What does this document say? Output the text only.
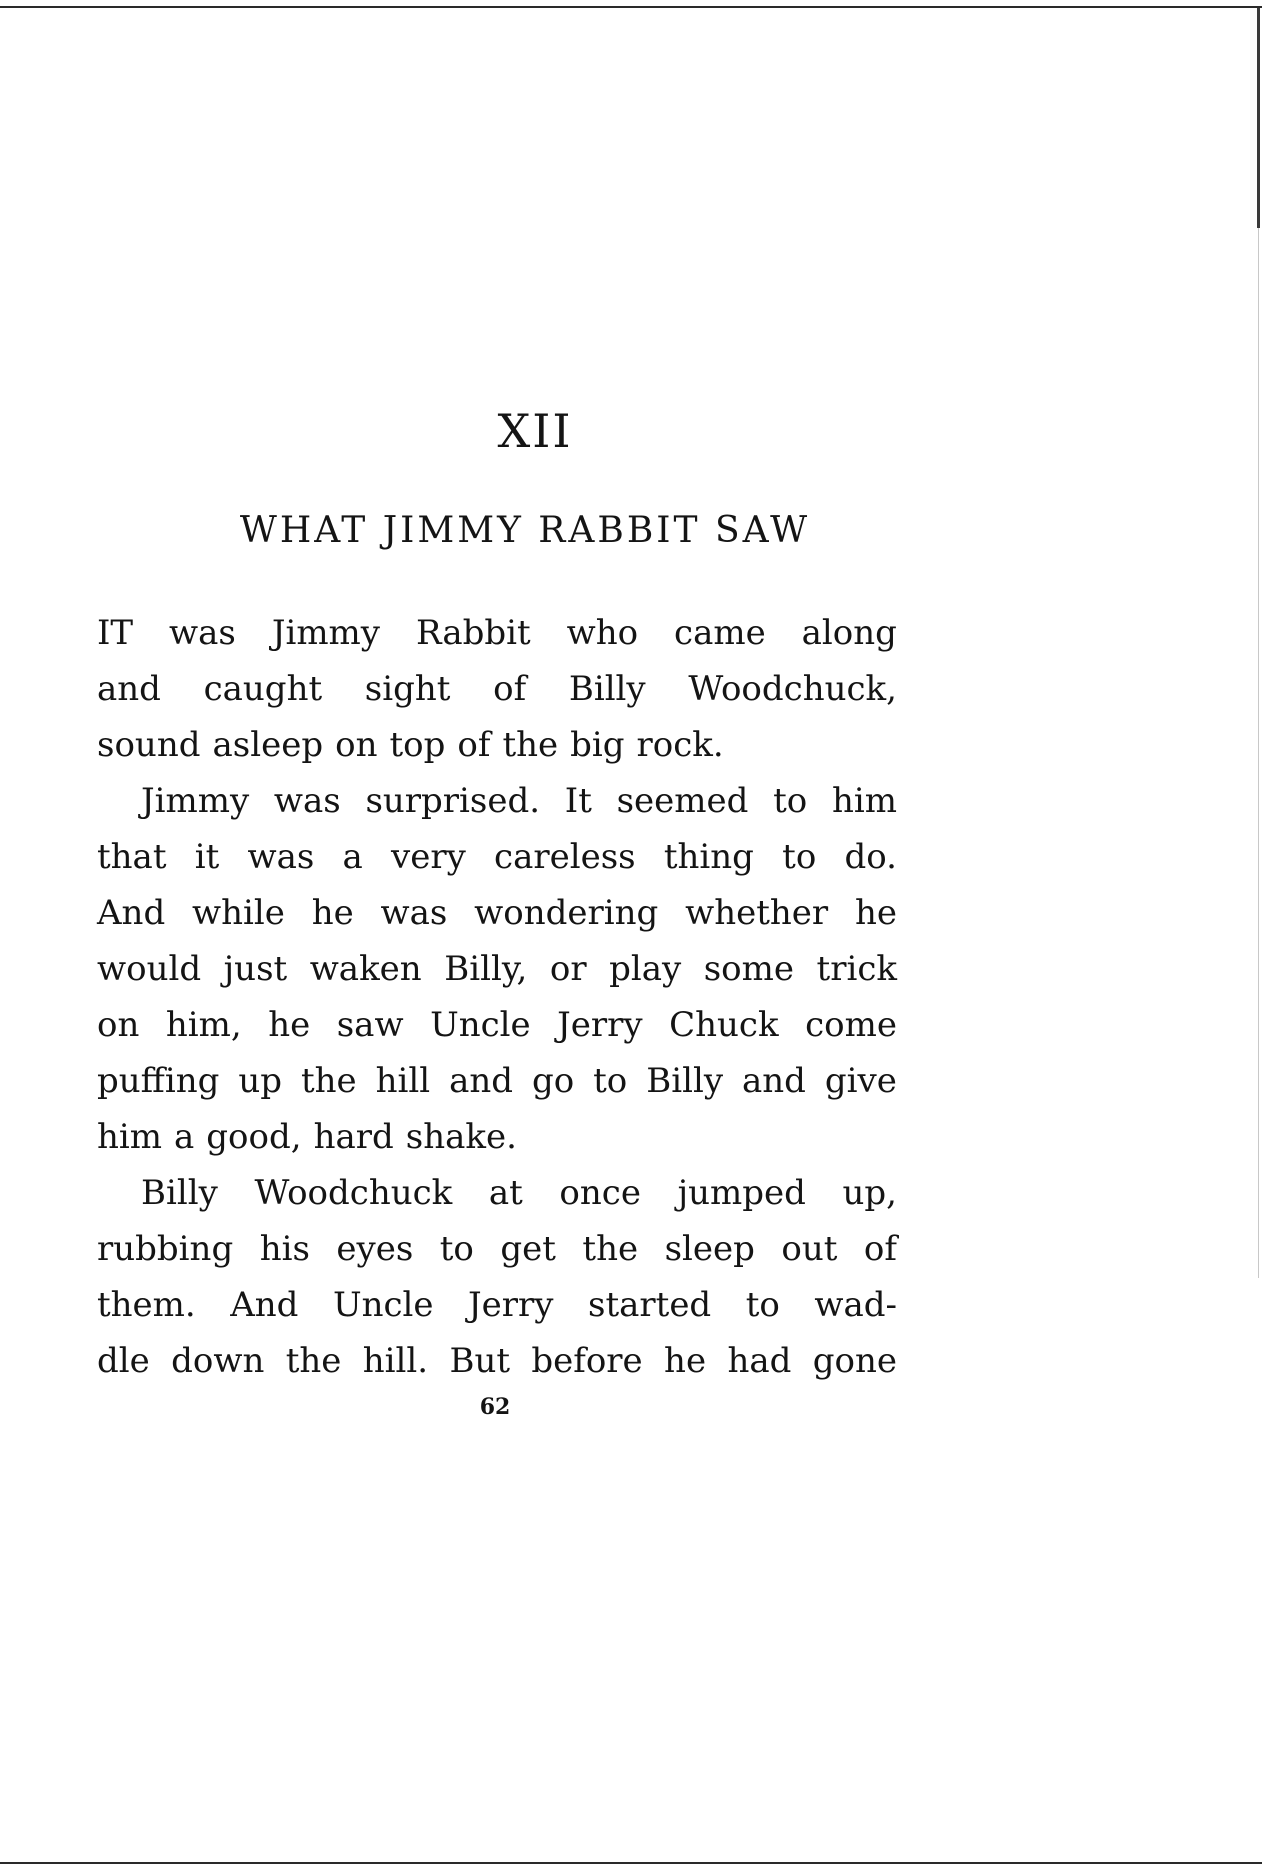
XII
WHAT JIMMY RABBIT SAW
IT was Jimmy Rabbit who came along
and caught sight of Billy Woodchuck,
sound asleep on top of the big rock.
Jimmy was surprised. It seemed to him
that it was a very careless thing to do.
And while he was wondering whether he
would just waken Billy, or play some trick
on him, he saw Uncle Jerry Chuck come
puffing up the hill and go to Billy and give
him a good, hard shake.
Billy Woodchuck at once jumped up,
rubbing his eyes to get the sleep out of
them. And Uncle Jerry started to wad-
dle down the hill. But before he had gone
62
